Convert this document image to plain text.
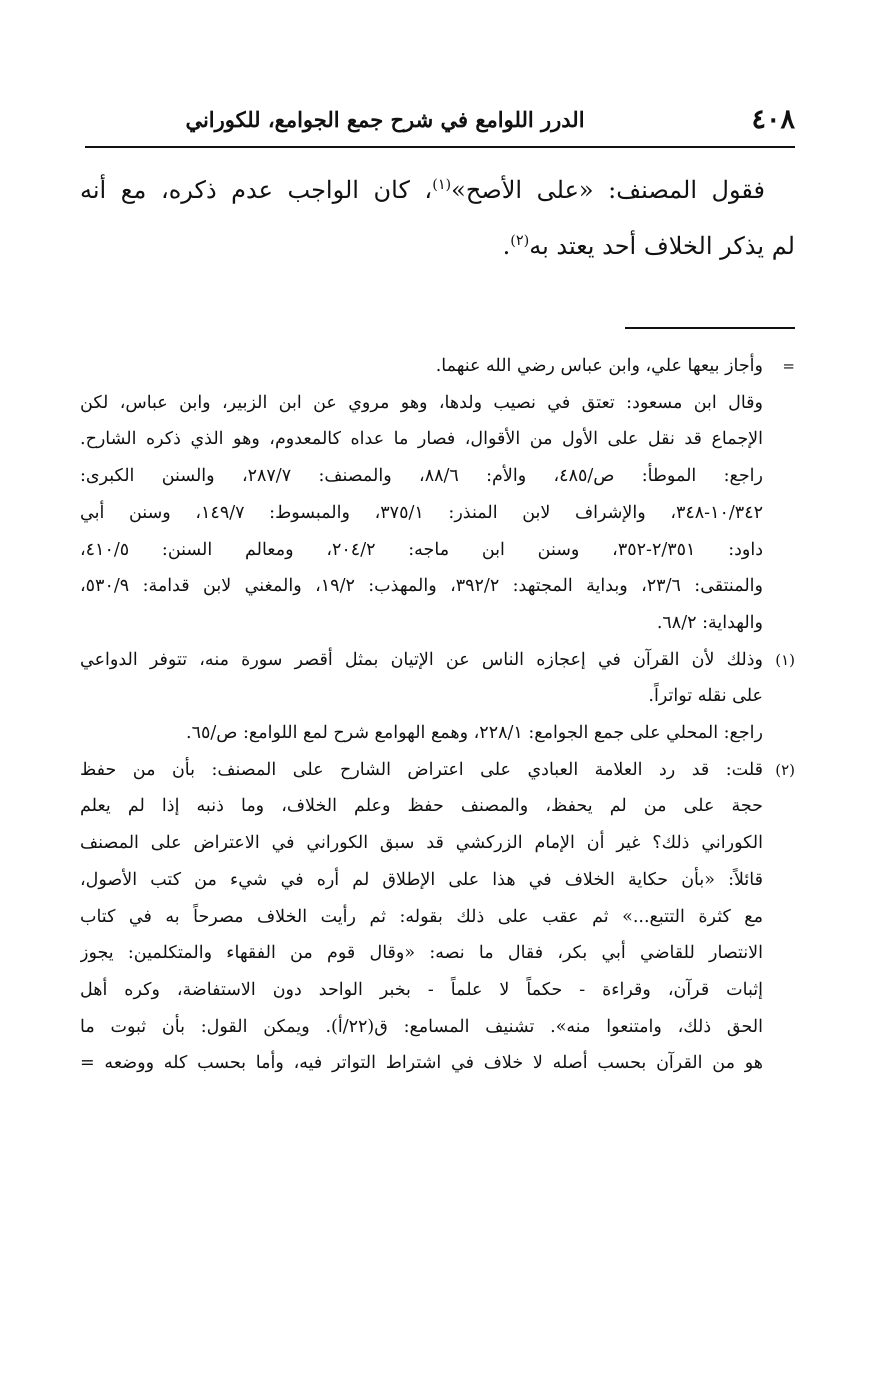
٤٠٨
الدرر اللوامع في شرح جمع الجوامع، للكوراني
فقول المصنف: «على الأصح»$^{(١)}$، كان الواجب عدم ذكره، مع أنه
لم يذكر الخلاف أحد يعتد به$^{(٢)}$.
=
وأجاز بيعها علي، وابن عباس رضي الله عنهما.
وقال ابن مسعود: تعتق في نصيب ولدها، وهو مروي عن ابن الزبير، وابن عباس، لكن
الإجماع قد نقل على الأول من الأقوال، فصار ما عداه كالمعدوم، وهو الذي ذكره الشارح.
راجع: الموطأ: ص/٤٨٥، والأم: ٨٨/٦، والمصنف: ٢٨٧/٧، والسنن الكبرى:
١٠/٣٤٢-٣٤٨، والإشراف لابن المنذر: ٣٧٥/١، والمبسوط: ١٤٩/٧، وسنن أبي
داود: ٢/٣٥١-٣٥٢، وسنن ابن ماجه: ٢٠٤/٢، ومعالم السنن: ٤١٠/٥،
والمنتقى: ٢٣/٦، وبداية المجتهد: ٣٩٢/٢، والمهذب: ١٩/٢، والمغني لابن قدامة: ٥٣٠/٩،
والهداية: ٦٨/٢.
(١)
وذلك لأن القرآن في إعجازه الناس عن الإتيان بمثل أقصر سورة منه، تتوفر الدواعي
على نقله تواتراً.
راجع: المحلي على جمع الجوامع: ٢٢٨/١، وهمع الهوامع شرح لمع اللوامع: ص/٦٥.
(٢)
قلت: قد رد العلامة العبادي على اعتراض الشارح على المصنف: بأن من حفظ
حجة على من لم يحفظ، والمصنف حفظ وعلم الخلاف، وما ذنبه إذا لم يعلم
الكوراني ذلك؟ غير أن الإمام الزركشي قد سبق الكوراني في الاعتراض على المصنف
قائلاً: «بأن حكاية الخلاف في هذا على الإطلاق لم أره في شيء من كتب الأصول،
مع كثرة التتبع...» ثم عقب على ذلك بقوله: ثم رأيت الخلاف مصرحاً به في كتاب
الانتصار للقاضي أبي بكر، فقال ما نصه: «وقال قوم من الفقهاء والمتكلمين: يجوز
إثبات قرآن، وقراءة - حكماً لا علماً - بخبر الواحد دون الاستفاضة، وكره أهل
الحق ذلك، وامتنعوا منه». تشنيف المسامع: ق(٢٢/أ). ويمكن القول: بأن ثبوت ما
هو من القرآن بحسب أصله لا خلاف في اشتراط التواتر فيه، وأما بحسب كله ووضعه =
